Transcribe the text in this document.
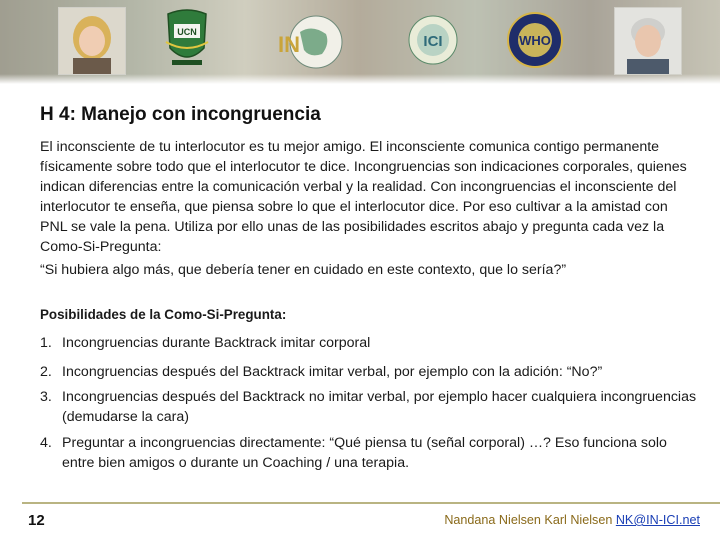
UCN	IN	ICI	WHO
H 4: Manejo con incongruencia

El inconsciente de tu interlocutor es tu mejor amigo. El inconsciente comunica contigo permanente físicamente sobre todo que el interlocutor te dice. Incongruencias son indicaciones corporales, quienes indican diferencias entre la comunicación verbal y la realidad. Con incongruencias el inconsciente del interlocutor te enseña, que piensa sobre lo que el interlocutor dice. Por eso cultivar a la amistad con PNL se vale la pena. Utiliza por ello unas de las posibilidades escritos abajo y pregunta cada vez la Como-Si-Pregunta:

“Si hubiera algo más, que debería tener en cuidado en este contexto, que lo sería?”

Posibilidades de la Como-Si-Pregunta:

1. Incongruencias durante Backtrack imitar corporal
2. Incongruencias después del Backtrack imitar verbal, por ejemplo con la adición: “No?”
3. Incongruencias después del Backtrack no imitar verbal, por ejemplo hacer cualquiera incongruencias (demudarse la cara)
4. Preguntar a incongruencias directamente: “Qué piensa tu (señal corporal) …? Eso funciona solo entre bien amigos o durante un Coaching / una terapia.
12	Nandana Nielsen Karl Nielsen NK@IN-ICI.net
